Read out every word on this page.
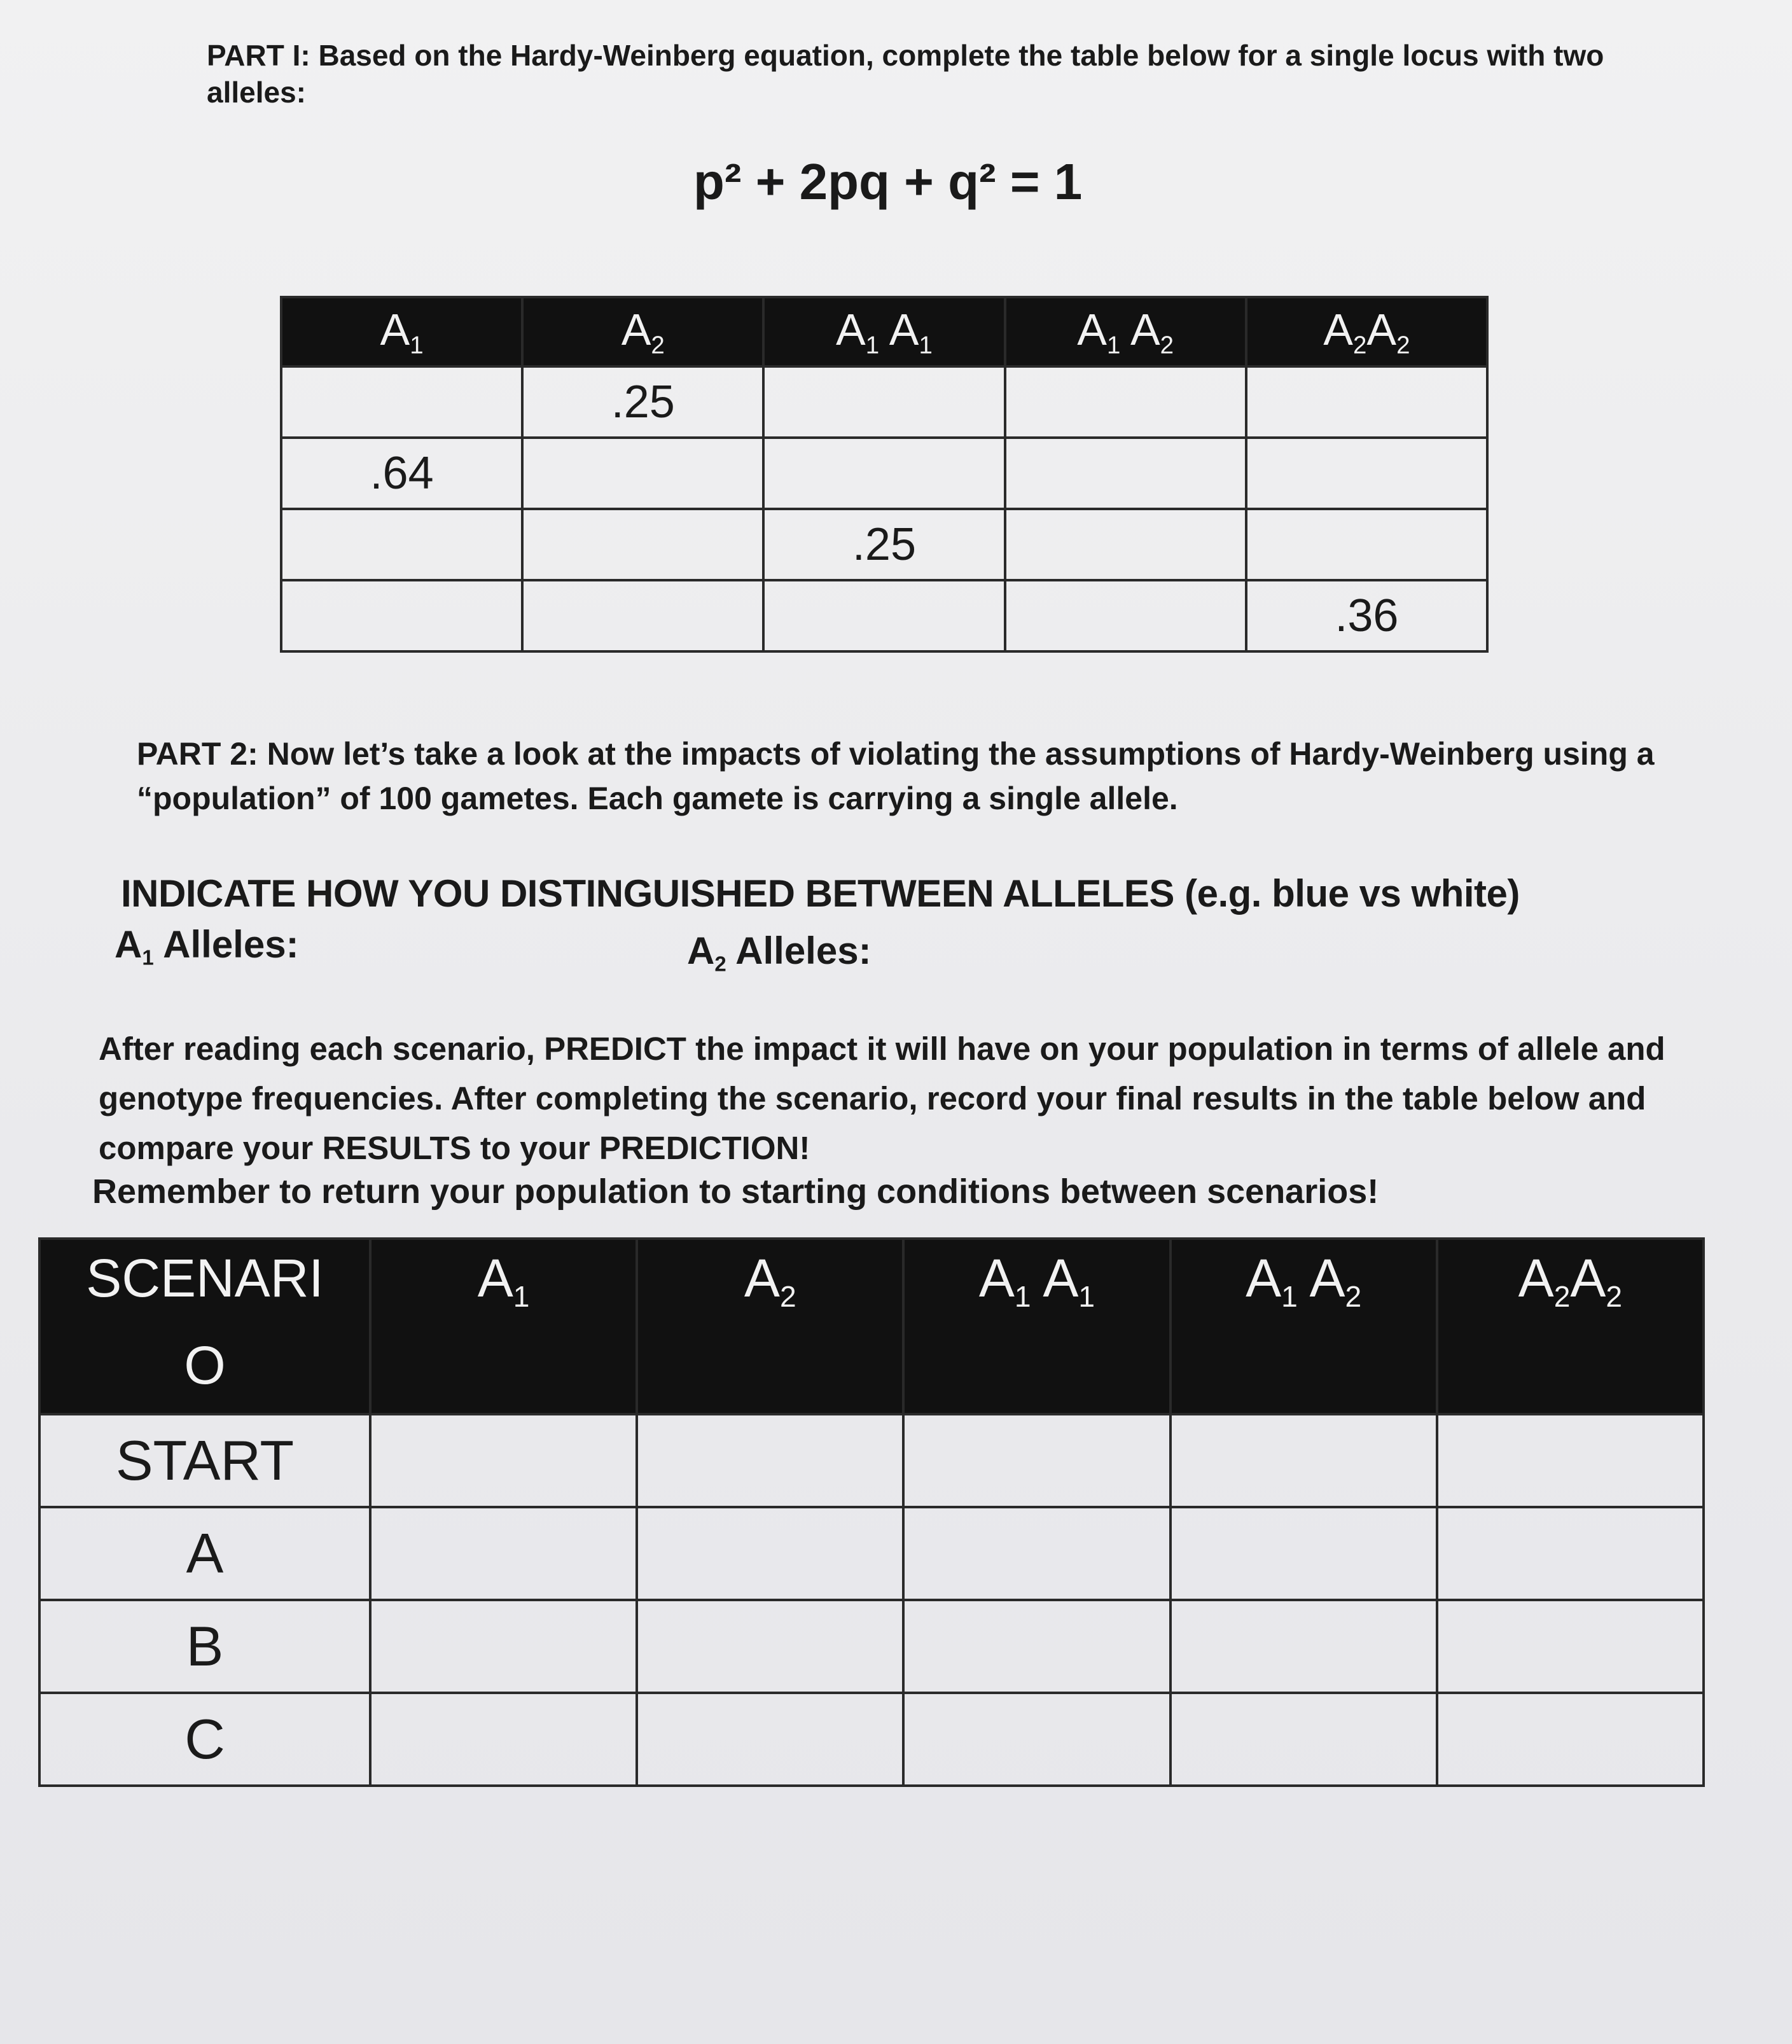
PART I: Based on the Hardy-Weinberg equation, complete the table below for a single locus with two alleles:
p² + 2pq + q² = 1
$A_1$	$A_2$	$A_1$ $A_1$	$A_1$ $A_2$	$A_2A_2$
	.25			
.64				
		.25		
				.36
PART 2: Now let’s take a look at the impacts of violating the assumptions of Hardy-Weinberg using a “population” of 100 gametes. Each gamete is carrying a single allele.
INDICATE HOW YOU DISTINGUISHED BETWEEN ALLELES (e.g. blue vs white)
$A_1$ Alleles:	$A_2$ Alleles:
After reading each scenario, PREDICT the impact it will have on your population in terms of allele and genotype frequencies. After completing the scenario, record your final results in the table below and compare your RESULTS to your PREDICTION!
Remember to return your population to starting conditions between scenarios!
SCENARI
O	$A_1$	$A_2$	$A_1$ $A_1$	$A_1$ $A_2$	$A_2A_2$
START					
A					
B					
C					
